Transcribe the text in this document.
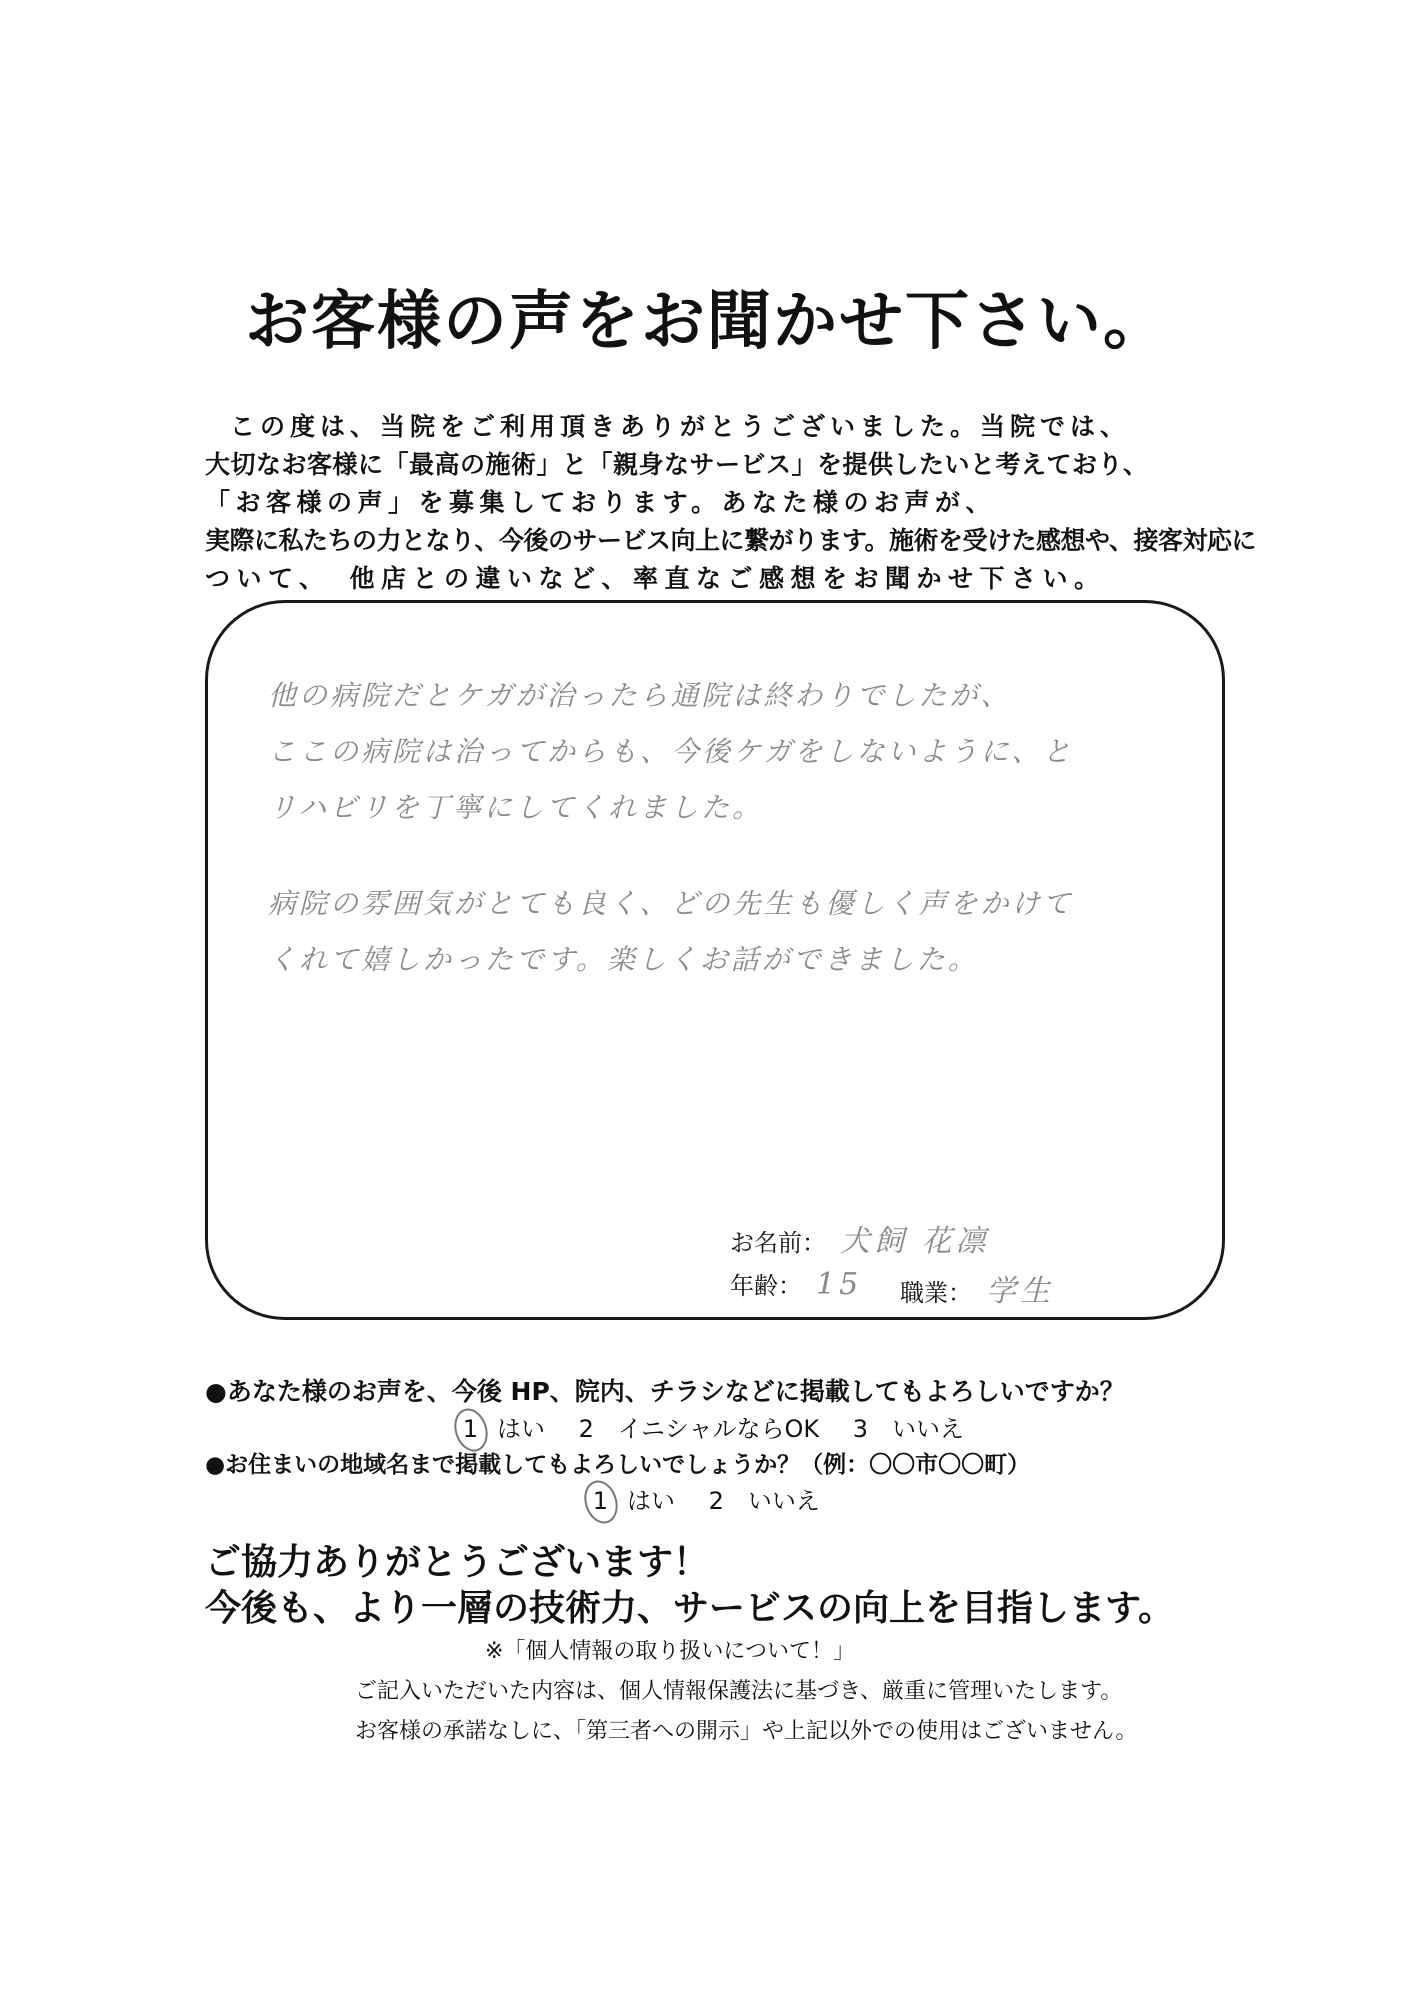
お客様の声をお聞かせ下さい。
この度は、当院をご利用頂きありがとうございました。当院では、
大切なお客様に「最高の施術」と「親身なサービス」を提供したいと考えており、
「お客様の声」を募集しております。あなた様のお声が、
実際に私たちの力となり、今後のサービス向上に繋がります。施術を受けた感想や、接客対応に
ついて、　他店との違いなど、率直なご感想をお聞かせ下さい。
他の病院だとケガが治ったら通院は終わりでしたが、
ここの病院は治ってからも、今後ケガをしないように、と
リハビリを丁寧にしてくれました。
病院の雰囲気がとても良く、どの先生も優しく声をかけて
くれて嬉しかったです。楽しくお話ができました。
お名前： 犬飼 花凛
年齢： 15 職業： 学生
●あなた様のお声を、今後 HP、院内、チラシなどに掲載してもよろしいですか？
1 はい 2　イニシャルならOK 3　いいえ
●お住まいの地域名まで掲載してもよろしいでしょうか？（例：〇〇市〇〇町）
1 はい 2　いいえ
ご協力ありがとうございます！
今後も、より一層の技術力、サービスの向上を目指します。
※「個人情報の取り扱いについて！」
ご記入いただいた内容は、個人情報保護法に基づき、厳重に管理いたします。
お客様の承諾なしに、「第三者への開示」や上記以外での使用はございません。
